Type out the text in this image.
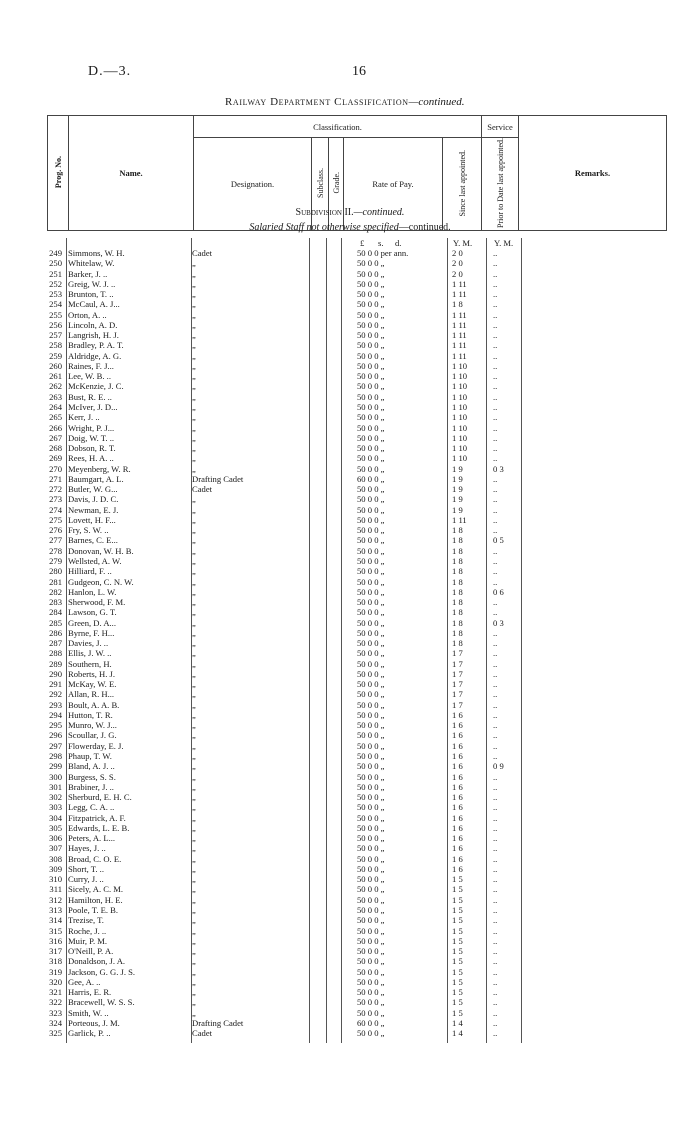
D.—3.	16
Railway Department Classification—continued.
Prog. No.	Name.	Classification.					Service	Remarks.
		Designation.	Subclass.	Grade.	Rate of Pay.	Since last appointed.	Prior to Date last appointed.	
Subdivision II.—continued.
Salaried Staff not otherwise specified—continued.
£ s. d.	Y. M.	Y. M.
249 Simmons, W. H.	Cadet	50 0 0 per ann.	2 0	..
250 Whitelaw, W.	„	50 0 0 „	2 0	..
251 Barker, J. ..	„	50 0 0 „	2 0	..
252 Greig, W. J. ..	„	50 0 0 „	1 11	..
253 Brunton, T. ..	„	50 0 0 „	1 11	..
254 McCaul, A. J...	„	50 0 0 „	1 8	..
255 Orton, A. ..	„	50 0 0 „	1 11	..
256 Lincoln, A. D.	„	50 0 0 „	1 11	..
257 Langrish, H. J.	„	50 0 0 „	1 11	..
258 Bradley, P. A. T.	„	50 0 0 „	1 11	..
259 Aldridge, A. G.	„	50 0 0 „	1 11	..
260 Raines, F. J...	„	50 0 0 „	1 10	..
261 Lee, W. B. ..	„	50 0 0 „	1 10	..
262 McKenzie, J. C.	„	50 0 0 „	1 10	..
263 Bust, R. E. ..	„	50 0 0 „	1 10	..
264 McIver, J. D...	„	50 0 0 „	1 10	..
265 Kerr, J. ..	„	50 0 0 „	1 10	..
266 Wright, P. J...	„	50 0 0 „	1 10	..
267 Doig, W. T. ..	„	50 0 0 „	1 10	..
268 Dobson, R. T.	„	50 0 0 „	1 10	..
269 Rees, H. A. ..	„	50 0 0 „	1 10	..
270 Meyenberg, W. R.	„	50 0 0 „	1 9	0 3
271 Baumgart, A. L.	Drafting Cadet	60 0 0 „	1 9	..
272 Butler, W. G...	Cadet	50 0 0 „	1 9	..
273 Davis, J. D. C.	„	50 0 0 „	1 9	..
274 Newman, E. J.	„	50 0 0 „	1 9	..
275 Lovett, H. F...	„	50 0 0 „	1 11	..
276 Fry, S. W. ..	„	50 0 0 „	1 8	..
277 Barnes, C. E...	„	50 0 0 „	1 8	0 5
278 Donovan, W. H. B.	„	50 0 0 „	1 8	..
279 Wellsted, A. W.	„	50 0 0 „	1 8	..
280 Hilliard, F. ..	„	50 0 0 „	1 8	..
281 Gudgeon, C. N. W.	„	50 0 0 „	1 8	..
282 Hanlon, L. W.	„	50 0 0 „	1 8	0 6
283 Sherwood, F. M.	„	50 0 0 „	1 8	..
284 Lawson, G. T.	„	50 0 0 „	1 8	..
285 Green, D. A...	„	50 0 0 „	1 8	0 3
286 Byrne, F. H...	„	50 0 0 „	1 8	..
287 Davies, J. ..	„	50 0 0 „	1 8	..
288 Ellis, J. W. ..	„	50 0 0 „	1 7	..
289 Southern, H.	„	50 0 0 „	1 7	..
290 Roberts, H. J.	„	50 0 0 „	1 7	..
291 McKay, W. E.	„	50 0 0 „	1 7	..
292 Allan, R. H...	„	50 0 0 „	1 7	..
293 Boult, A. A. B.	„	50 0 0 „	1 7	..
294 Hutton, T. R.	„	50 0 0 „	1 6	..
295 Munro, W. J...	„	50 0 0 „	1 6	..
296 Scoullar, J. G.	„	50 0 0 „	1 6	..
297 Flowerday, E. J.	„	50 0 0 „	1 6	..
298 Phaup, T. W.	„	50 0 0 „	1 6	..
299 Bland, A. J. ..	„	50 0 0 „	1 6	0 9
300 Burgess, S. S.	„	50 0 0 „	1 6	..
301 Brabiner, J. ..	„	50 0 0 „	1 6	..
302 Sherburd, E. H. C.	„	50 0 0 „	1 6	..
303 Legg, C. A. ..	„	50 0 0 „	1 6	..
304 Fitzpatrick, A. F.	„	50 0 0 „	1 6	..
305 Edwards, L. E. B.	„	50 0 0 „	1 6	..
306 Peters, A. L...	„	50 0 0 „	1 6	..
307 Hayes, J. ..	„	50 0 0 „	1 6	..
308 Broad, C. O. E.	„	50 0 0 „	1 6	..
309 Short, T. ..	„	50 0 0 „	1 6	..
310 Curry, J. ..	„	50 0 0 „	1 5	..
311 Sicely, A. C. M.	„	50 0 0 „	1 5	..
312 Hamilton, H. E.	„	50 0 0 „	1 5	..
313 Poole, T. E. B.	„	50 0 0 „	1 5	..
314 Trezise, T.	„	50 0 0 „	1 5	..
315 Roche, J. ..	„	50 0 0 „	1 5	..
316 Muir, P. M.	„	50 0 0 „	1 5	..
317 O'Neill, P. A.	„	50 0 0 „	1 5	..
318 Donaldson, J. A.	„	50 0 0 „	1 5	..
319 Jackson, G. G. J. S.	„	50 0 0 „	1 5	..
320 Gee, A. ..	„	50 0 0 „	1 5	..
321 Harris, E. R.	„	50 0 0 „	1 5	..
322 Bracewell, W. S. S.	„	50 0 0 „	1 5	..
323 Smith, W. ..	„	50 0 0 „	1 5	..
324 Porteous, J. M.	Drafting Cadet	60 0 0 „	1 4	..
325 Garlick, P. ..	Cadet	50 0 0 „	1 4	..
